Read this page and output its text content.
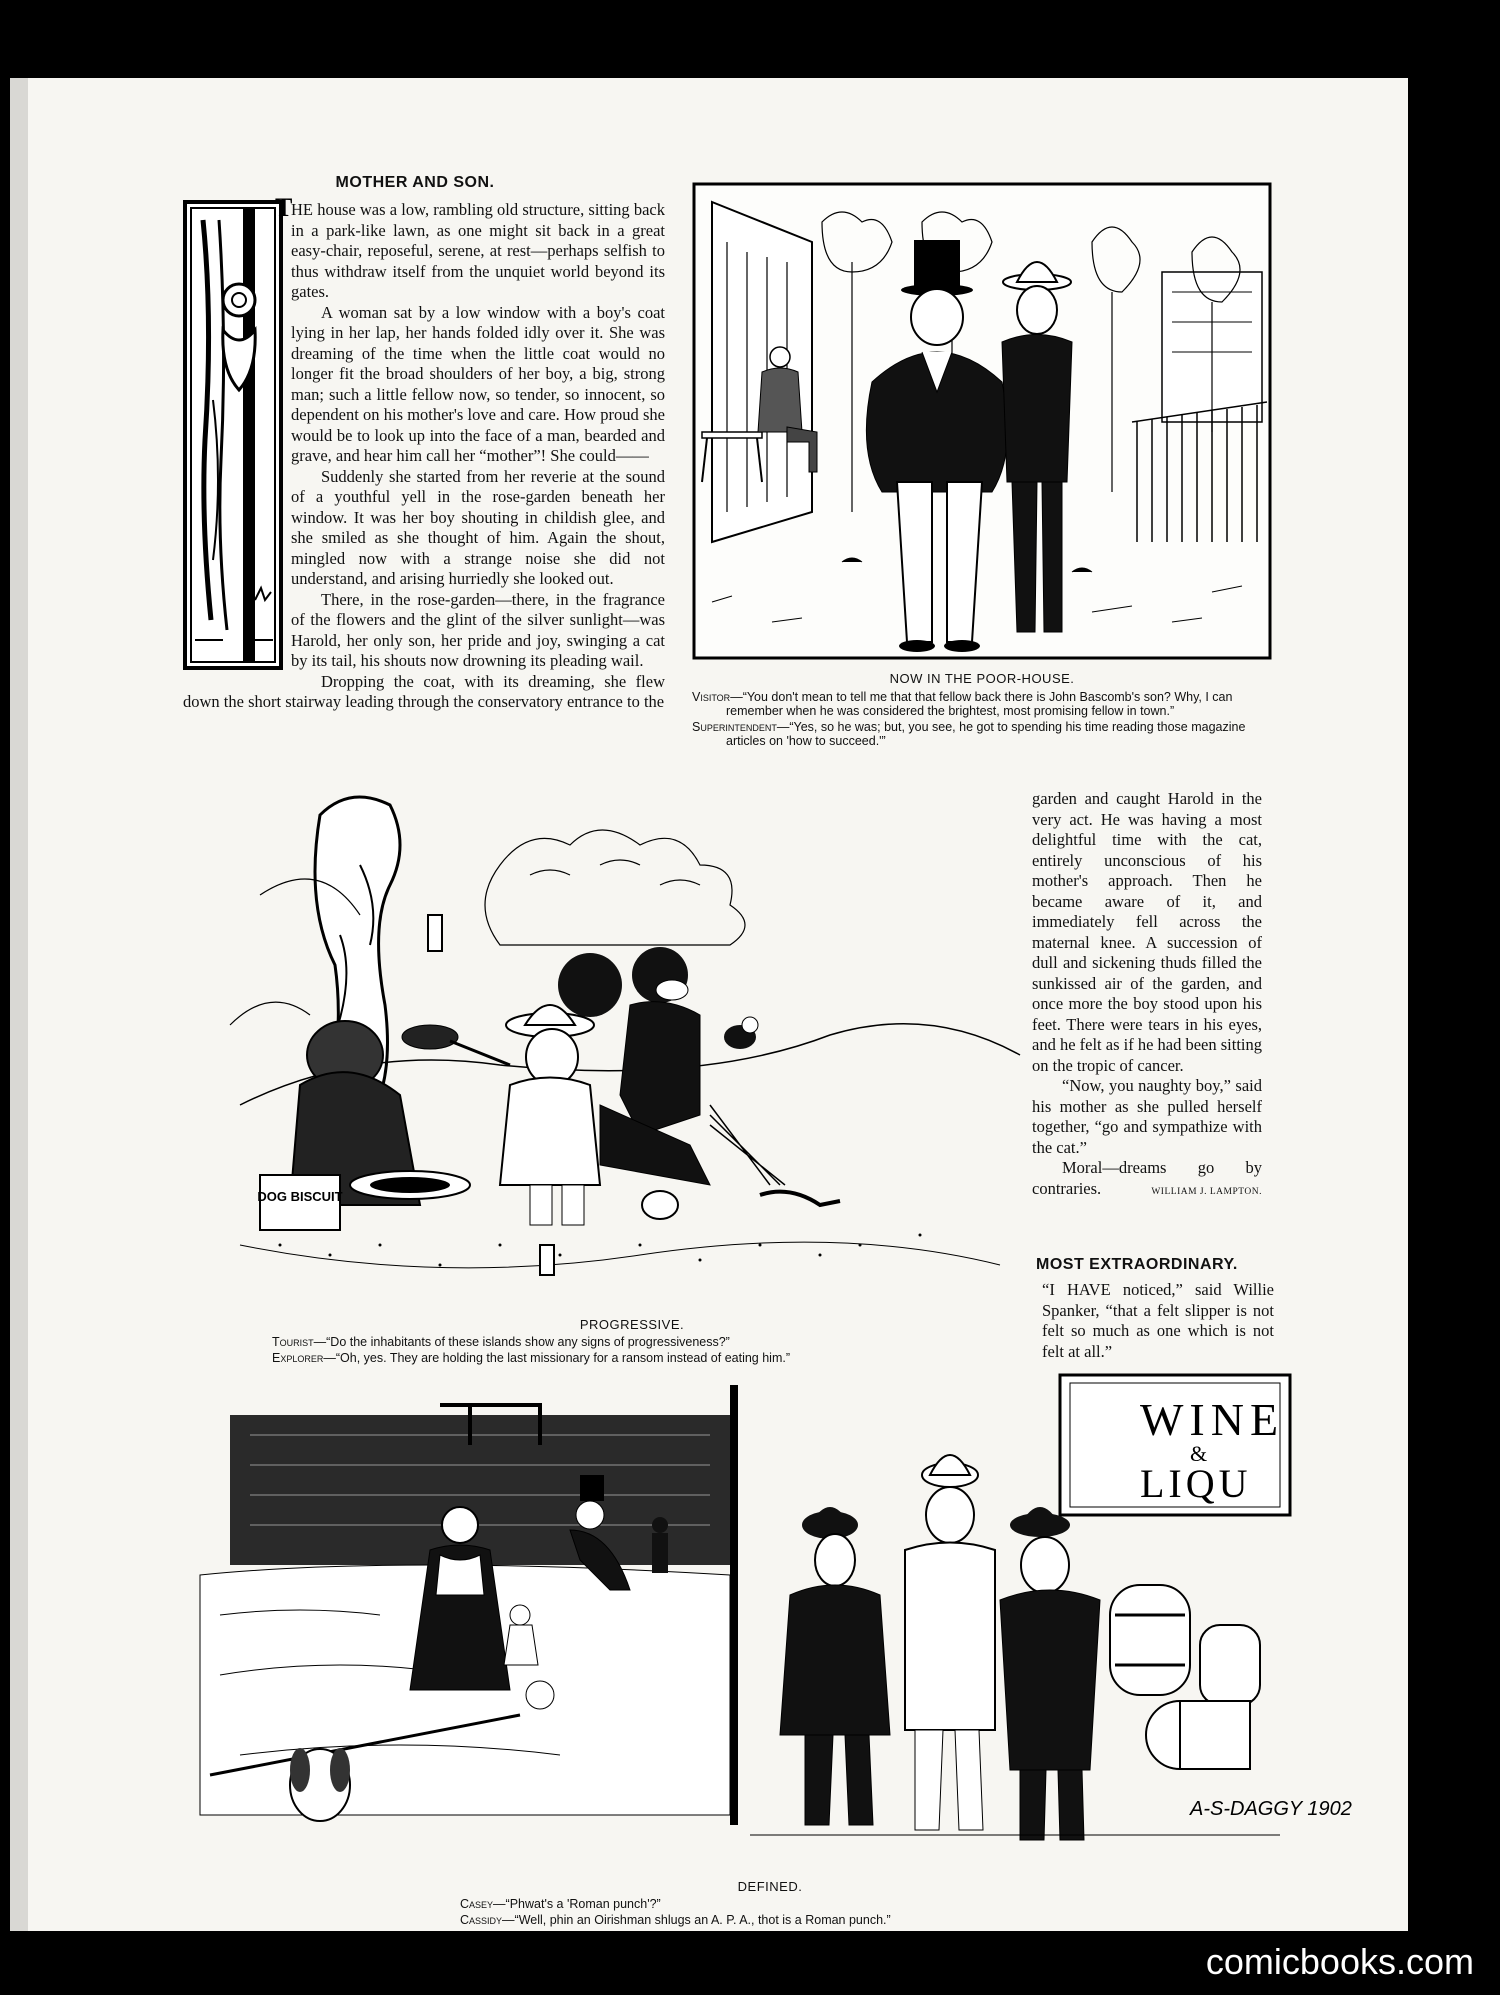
MOTHER AND SON.

T
HE house was a low, rambling old structure, sitting back in a park-like lawn, as one might sit back in a great easy-chair, reposeful, serene, at rest—perhaps selfish to thus withdraw itself from the unquiet world beyond its gates.

A woman sat by a low window with a boy's coat lying in her lap, her hands folded idly over it. She was dreaming of the time when the little coat would no longer fit the broad shoulders of her boy, a big, strong man; such a little fellow now, so tender, so innocent, so dependent on his mother's love and care. How proud she would be to look up into the face of a man, bearded and grave, and hear him call her “mother”! She could——

Suddenly she started from her reverie at the sound of a youthful yell in the rose-garden beneath her window. It was her boy shouting in childish glee, and she smiled as she thought of him. Again the shout, mingled now with a strange noise she did not understand, and arising hurriedly she looked out.

There, in the rose-garden—there, in the fragrance of the flowers and the glint of the silver sunlight—was Harold, her only son, her pride and joy, swinging a cat by its tail, his shouts now drowning its pleading wail.

Dropping the coat, with its dreaming, she flew down the short stairway leading through the conservatory entrance to the

NOW IN THE POOR-HOUSE.
Visitor—“You don't mean to tell me that that fellow back there is John Bascomb's son? Why, I can remember when he was considered the brightest, most promising fellow in town.”
Superintendent—“Yes, so he was; but, you see, he got to spending his time reading those magazine articles on 'how to succeed.'”

garden and caught Harold in the very act. He was having a most delightful time with the cat, entirely unconscious of his mother's approach. Then he became aware of it, and immediately fell across the maternal knee. A succession of dull and sickening thuds filled the sunkissed air of the garden, and once more the boy stood upon his feet. There were tears in his eyes, and he felt as if he had been sitting on the tropic of cancer.

“Now, you naughty boy,” said his mother as she pulled herself together, “go and sympathize with the cat.”

Moral—dreams go by contraries.	WILLIAM J. LAMPTON.

DOG BISCUIT
PROGRESSIVE.
Tourist—“Do the inhabitants of these islands show any signs of progressiveness?”
Explorer—“Oh, yes. They are holding the last missionary for a ransom instead of eating him.”
MOST EXTRAORDINARY.

“I HAVE noticed,” said Willie Spanker, “that a felt slipper is not felt so much as one which is not felt at all.”

WINE
&
LIQU
A-S-DAGGY 1902
DEFINED.
Casey—“Phwat's a 'Roman punch'?”
Cassidy—“Well, phin an Oirishman shlugs an A. P. A., thot is a Roman punch.”
comicbooks.com
